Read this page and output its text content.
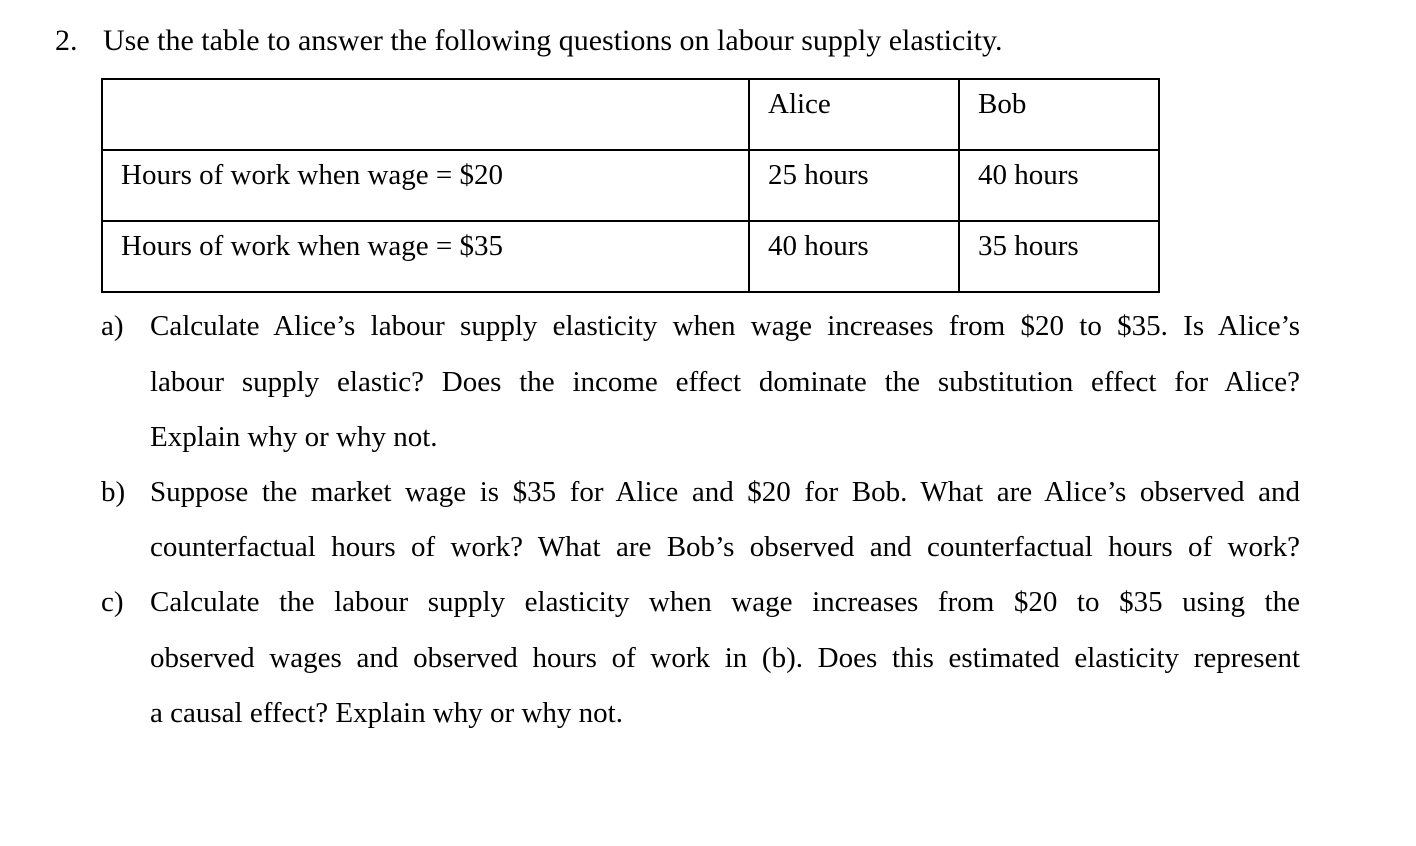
2. Use the table to answer the following questions on labour supply elasticity.
	Alice	Bob
Hours of work when wage = $20	25 hours	40 hours
Hours of work when wage = $35	40 hours	35 hours
a) Calculate Alice’s labour supply elasticity when wage increases from $20 to $35. Is Alice’s
labour supply elastic? Does the income effect dominate the substitution effect for Alice?
Explain why or why not.
b) Suppose the market wage is $35 for Alice and $20 for Bob. What are Alice’s observed and
counterfactual hours of work? What are Bob’s observed and counterfactual hours of work?
c) Calculate the labour supply elasticity when wage increases from $20 to $35 using the
observed wages and observed hours of work in (b). Does this estimated elasticity represent
a causal effect? Explain why or why not.
